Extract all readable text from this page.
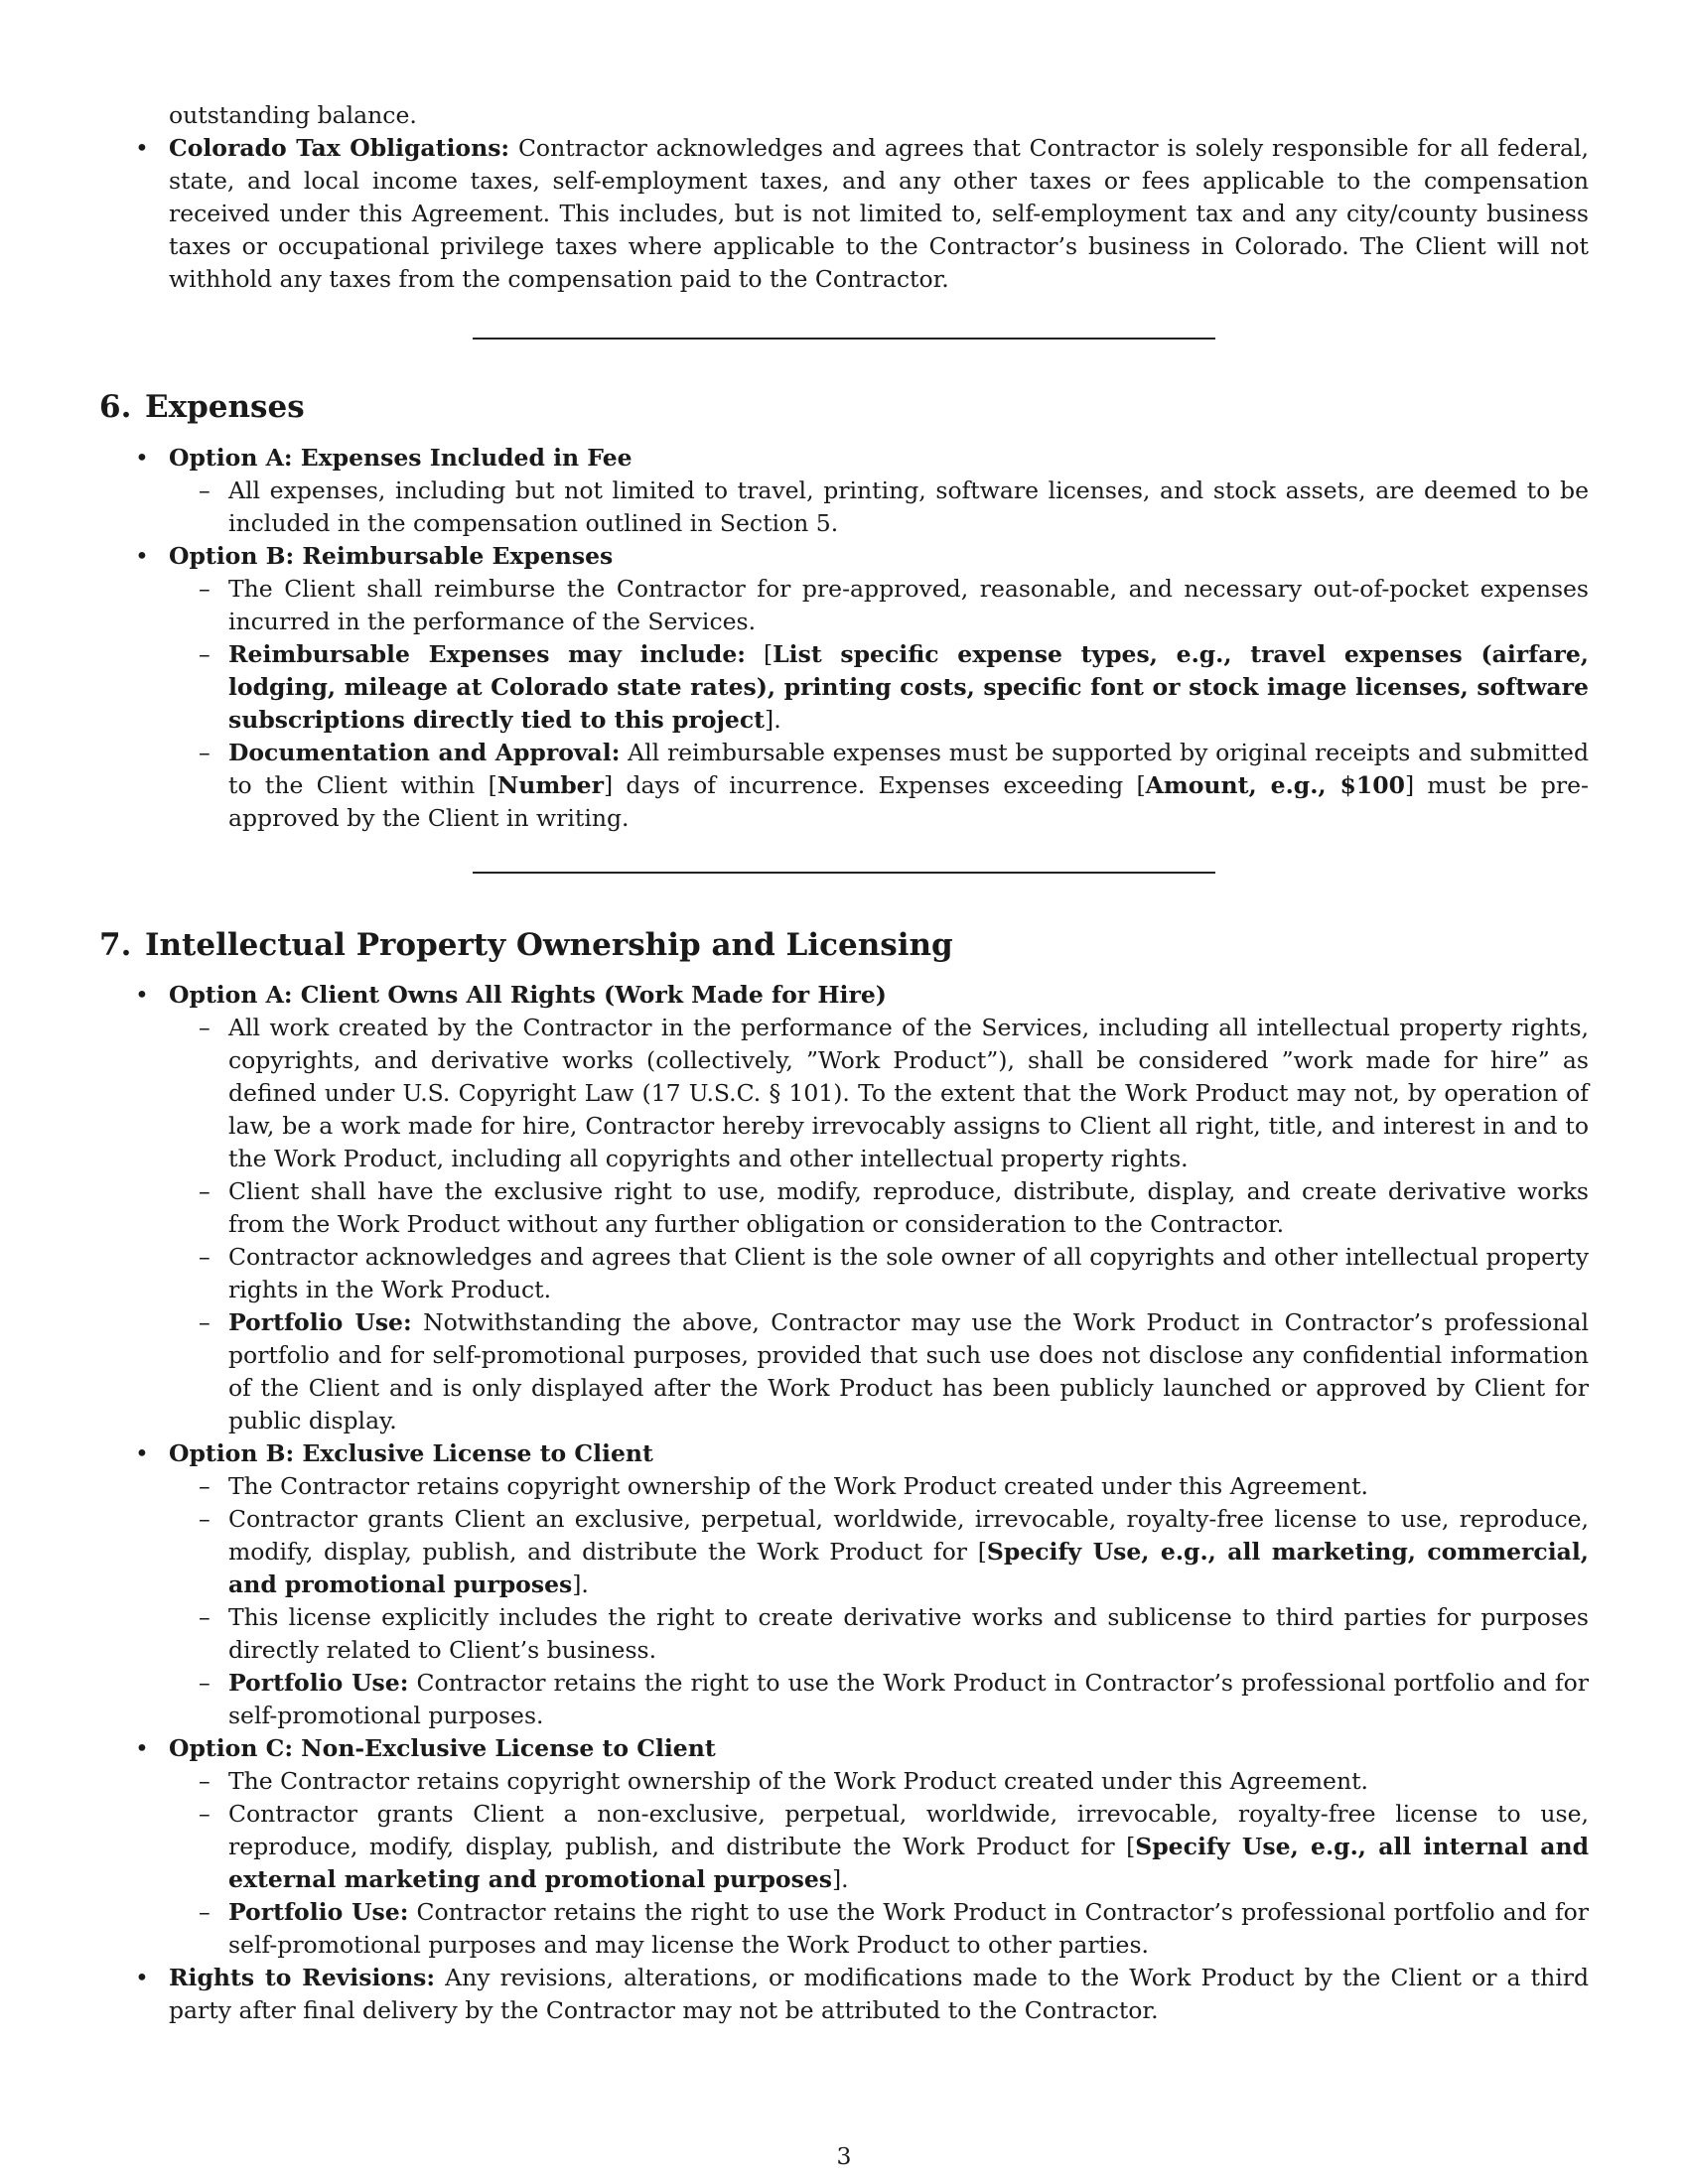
outstanding balance.
• Colorado Tax Obligations: Contractor acknowledges and agrees that Contractor is solely responsible for all federal, state, and local income taxes, self-employment taxes, and any other taxes or fees applicable to the compensation received under this Agreement. This includes, but is not limited to, self-employment tax and any city/county business taxes or occupational privilege taxes where applicable to the Contractor’s business in Colorado. The Client will not withhold any taxes from the compensation paid to the Contractor.
6. Expenses
• Option A: Expenses Included in Fee
– All expenses, including but not limited to travel, printing, software licenses, and stock assets, are deemed to be included in the compensation outlined in Section 5.
• Option B: Reimbursable Expenses
– The Client shall reimburse the Contractor for pre-approved, reasonable, and necessary out-of-pocket expenses incurred in the performance of the Services.
– Reimbursable Expenses may include: [List specific expense types, e.g., travel expenses (airfare, lodging, mileage at Colorado state rates), printing costs, specific font or stock image licenses, software subscriptions directly tied to this project].
– Documentation and Approval: All reimbursable expenses must be supported by original receipts and submitted to the Client within [Number] days of incurrence. Expenses exceeding [Amount, e.g., $100] must be pre-approved by the Client in writing.
7. Intellectual Property Ownership and Licensing
• Option A: Client Owns All Rights (Work Made for Hire)
– All work created by the Contractor in the performance of the Services, including all intellectual property rights, copyrights, and derivative works (collectively, ”Work Product”), shall be considered ”work made for hire” as defined under U.S. Copyright Law (17 U.S.C. § 101). To the extent that the Work Product may not, by operation of law, be a work made for hire, Contractor hereby irrevocably assigns to Client all right, title, and interest in and to the Work Product, including all copyrights and other intellectual property rights.
– Client shall have the exclusive right to use, modify, reproduce, distribute, display, and create derivative works from the Work Product without any further obligation or consideration to the Contractor.
– Contractor acknowledges and agrees that Client is the sole owner of all copyrights and other intellectual property rights in the Work Product.
– Portfolio Use: Notwithstanding the above, Contractor may use the Work Product in Contractor’s professional portfolio and for self-promotional purposes, provided that such use does not disclose any confidential information of the Client and is only displayed after the Work Product has been publicly launched or approved by Client for public display.
• Option B: Exclusive License to Client
– The Contractor retains copyright ownership of the Work Product created under this Agreement.
– Contractor grants Client an exclusive, perpetual, worldwide, irrevocable, royalty-free license to use, reproduce, modify, display, publish, and distribute the Work Product for [Specify Use, e.g., all marketing, commercial, and promotional purposes].
– This license explicitly includes the right to create derivative works and sublicense to third parties for purposes directly related to Client’s business.
– Portfolio Use: Contractor retains the right to use the Work Product in Contractor’s professional portfolio and for self-promotional purposes.
• Option C: Non-Exclusive License to Client
– The Contractor retains copyright ownership of the Work Product created under this Agreement.
– Contractor grants Client a non-exclusive, perpetual, worldwide, irrevocable, royalty-free license to use, reproduce, modify, display, publish, and distribute the Work Product for [Specify Use, e.g., all internal and external marketing and promotional purposes].
– Portfolio Use: Contractor retains the right to use the Work Product in Contractor’s professional portfolio and for self-promotional purposes and may license the Work Product to other parties.
• Rights to Revisions: Any revisions, alterations, or modifications made to the Work Product by the Client or a third party after final delivery by the Contractor may not be attributed to the Contractor.
3
